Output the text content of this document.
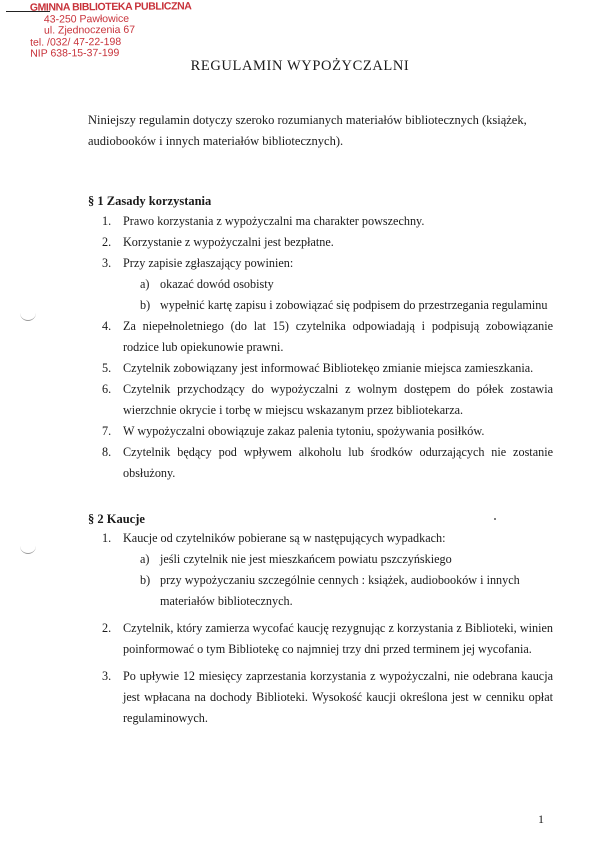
GMINNA BIBLIOTEKA PUBLICZNA

43-250 Pawłowice
ul. Zjednoczenia 67
tel. /032/ 47-22-198
NIP 638-15-37-199
REGULAMIN WYPOŻYCZALNI
Niniejszy regulamin dotyczy szeroko rozumianych materiałów bibliotecznych (książek, audiobooków i innych materiałów bibliotecznych).
§ 1 Zasady korzystania
1. Prawo korzystania z wypożyczalni ma charakter powszechny.
2. Korzystanie z wypożyczalni jest bezpłatne.
3. Przy zapisie zgłaszający powinien:
a) okazać dowód osobisty
b) wypełnić kartę zapisu i zobowiązać się podpisem do przestrzegania regulaminu
4. Za niepełnoletniego (do lat 15) czytelnika odpowiadają i podpisują zobowiązanie rodzice lub opiekunowie prawni.
5. Czytelnik zobowiązany jest informować Bibliotekęo zmianie miejsca zamieszkania.
6. Czytelnik przychodzący do wypożyczalni z wolnym dostępem do półek zostawia wierzchnie okrycie i torbę w miejscu wskazanym przez bibliotekarza.
7. W wypożyczalni obowiązuje zakaz palenia tytoniu, spożywania posiłków.
8. Czytelnik będący pod wpływem alkoholu lub środków odurzających nie zostanie obsłużony.
§ 2 Kaucje
1. Kaucje od czytelników pobierane są w następujących wypadkach:
a) jeśli czytelnik nie jest mieszkańcem powiatu pszczyńskiego
b) przy wypożyczaniu szczególnie cennych : książek, audiobooków i innych materiałów bibliotecznych.
2. Czytelnik, który zamierza wycofać kaucję rezygnując z korzystania z Biblioteki, winien poinformować o tym Bibliotekę co najmniej trzy dni przed terminem jej wycofania.
3. Po upływie 12 miesięcy zaprzestania korzystania z wypożyczalni, nie odebrana kaucja jest wpłacana na dochody Biblioteki. Wysokość kaucji określona jest w cenniku opłat regulaminowych.
1
